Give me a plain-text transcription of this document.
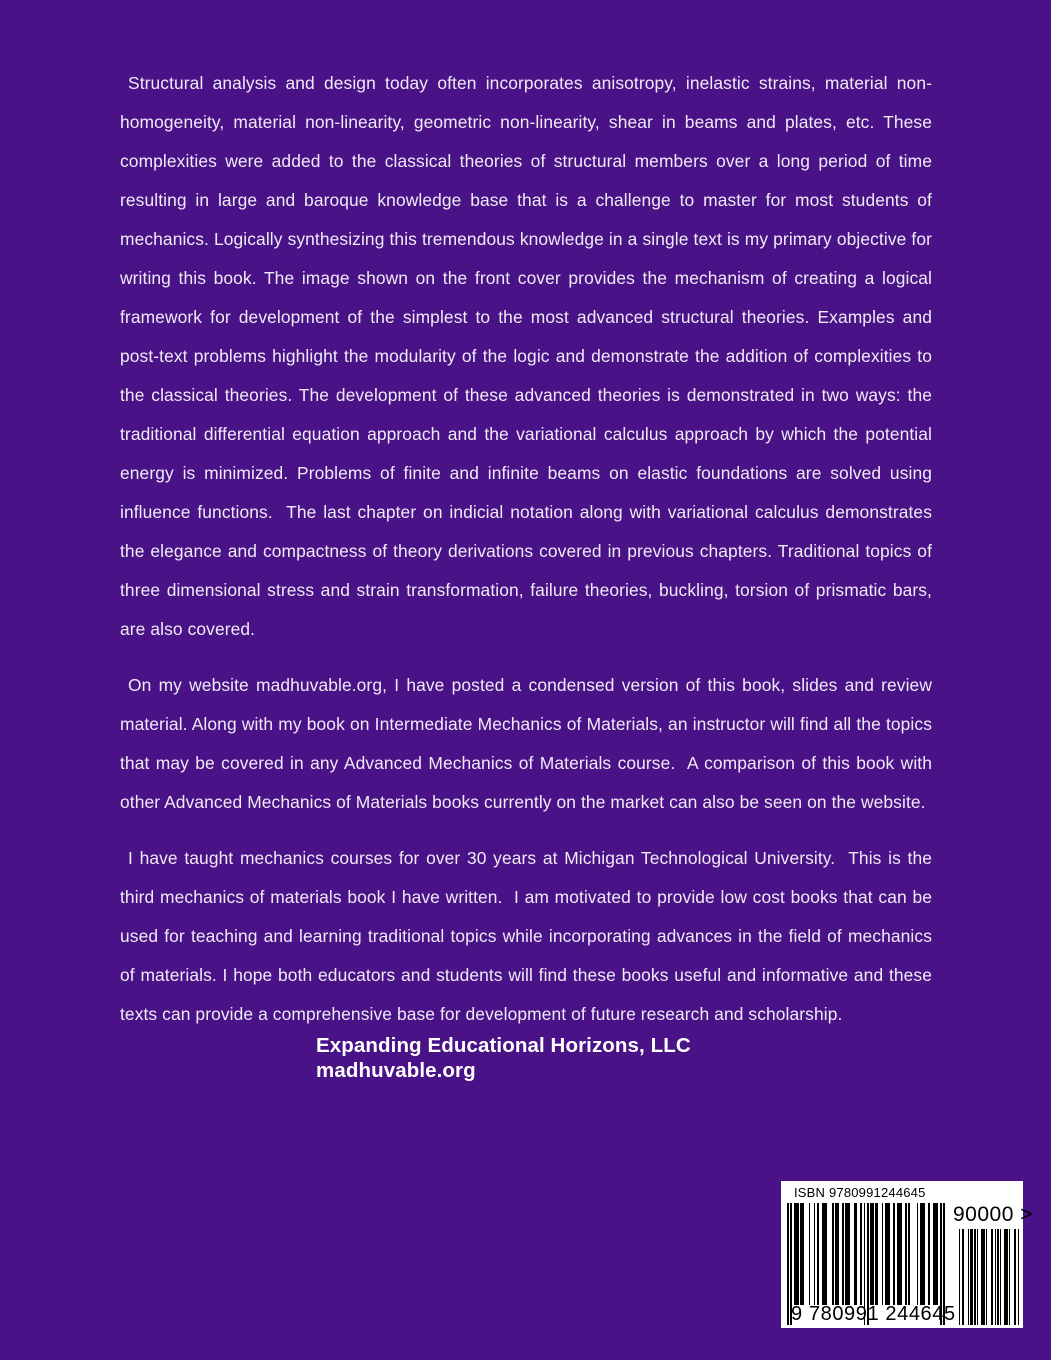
Structural analysis and design today often incorporates anisotropy, inelastic strains, material non-homogeneity, material non-linearity, geometric non-linearity, shear in beams and plates, etc. These complexities were added to the classical theories of structural members over a long period of time resulting in large and baroque knowledge base that is a challenge to master for most students of mechanics. Logically synthesizing this tremendous knowledge in a single text is my primary objective for writing this book. The image shown on the front cover provides the mechanism of creating a logical framework for development of the simplest to the most advanced structural theories. Examples and post-text problems highlight the modularity of the logic and demonstrate the addition of complexities to the classical theories. The development of these advanced theories is demonstrated in two ways: the traditional differential equation approach and the variational calculus approach by which the potential energy is minimized. Problems of finite and infinite beams on elastic foundations are solved using influence functions.  The last chapter on indicial notation along with variational calculus demonstrates the elegance and compactness of theory derivations covered in previous chapters. Traditional topics of three dimensional stress and strain transformation, failure theories, buckling, torsion of prismatic bars, are also covered.

On my website madhuvable.org, I have posted a condensed version of this book, slides and review material. Along with my book on Intermediate Mechanics of Materials, an instructor will find all the topics that may be covered in any Advanced Mechanics of Materials course.  A comparison of this book with other Advanced Mechanics of Materials books currently on the market can also be seen on the website.

I have taught mechanics courses for over 30 years at Michigan Technological University.  This is the third mechanics of materials book I have written.  I am motivated to provide low cost books that can be used for teaching and learning traditional topics while incorporating advances in the field of mechanics of materials. I hope both educators and students will find these books useful and informative and these texts can provide a comprehensive base for development of future research and scholarship.

Expanding Educational Horizons, LLC
madhuvable.org
ISBN 9780991244645
9 780991 244645
90000 >
